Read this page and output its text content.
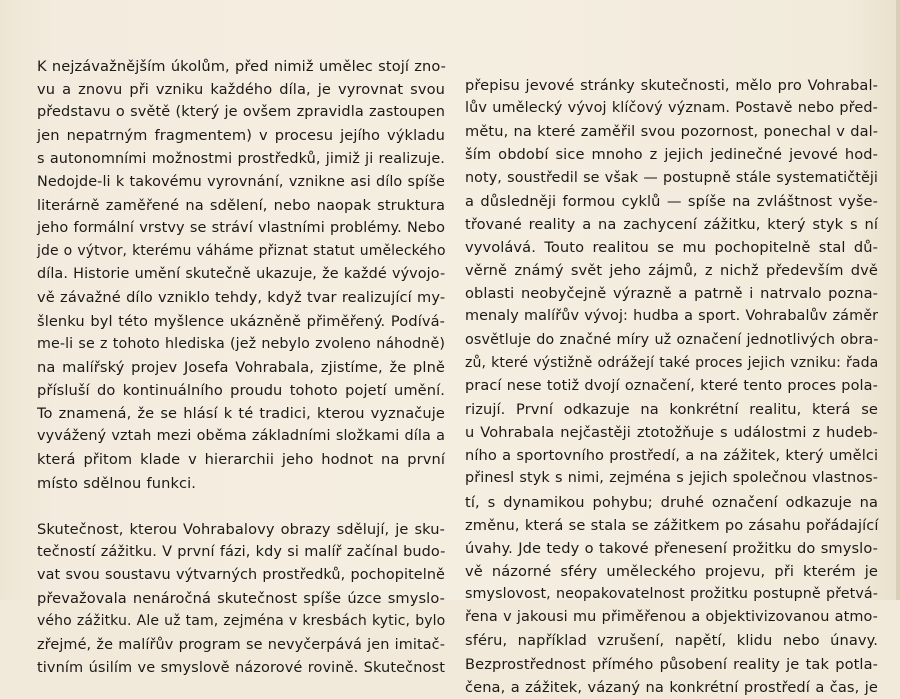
K nejzávažnějším úkolům, před nimiž umělec stojí zno-
vu a znovu při vzniku každého díla, je vyrovnat svou
představu o světě (který je ovšem zpravidla zastoupen
jen nepatrným fragmentem) v procesu jejího výkladu
s autonomními možnostmi prostředků, jimiž ji realizuje.
Nedojde-li k takovému vyrovnání, vznikne asi dílo spíše
literárně zaměřené na sdělení, nebo naopak struktura
jeho formální vrstvy se stráví vlastními problémy. Nebo
jde o výtvor, kterému váháme přiznat statut uměleckého
díla. Historie umění skutečně ukazuje, že každé vývojo-
vě závažné dílo vzniklo tehdy, když tvar realizující my-
šlenku byl této myšlence ukázněně přiměřený. Podívá-
me-li se z tohoto hlediska (jež nebylo zvoleno náhodně)
na malířský projev Josefa Vohrabala, zjistíme, že plně
přísluší do kontinuálního proudu tohoto pojetí umění.
To znamená, že se hlásí k té tradici, kterou vyznačuje
vyvážený vztah mezi oběma základními složkami díla a
která přitom klade v hierarchii jeho hodnot na první
místo sdělnou funkci.
Skutečnost, kterou Vohrabalovy obrazy sdělují, je sku-
tečností zážitku. V první fázi, kdy si malíř začínal budo-
vat svou soustavu výtvarných prostředků, pochopitelně
převažovala nenáročná skutečnost spíše úzce smyslo-
vého zážitku. Ale už tam, zejména v kresbách kytic, bylo
zřejmé, že malířův program se nevyčerpává jen imitač-
tivním úsilím ve smyslově názorové rovině. Skutečnost
přepisu jevové stránky skutečnosti, mělo pro Vohrabal-
lův umělecký vývoj klíčový význam. Postavě nebo před-
mětu, na které zaměřil svou pozornost, ponechal v dal-
ším období sice mnoho z jejich jedinečné jevové hod-
noty, soustředil se však — postupně stále systematičtěji
a důsledněji formou cyklů — spíše na zvláštnost vyše-
třované reality a na zachycení zážitku, který styk s ní
vyvolává. Touto realitou se mu pochopitelně stal dů-
věrně známý svět jeho zájmů, z nichž především dvě
oblasti neobyčejně výrazně a patrně i natrvalo pozna-
menaly malířův vývoj: hudba a sport. Vohrabalův záměr
osvětluje do značné míry už označení jednotlivých obra-
zů, které výstižně odrážejí také proces jejich vzniku: řada
prací nese totiž dvojí označení, které tento proces pola-
rizují. První odkazuje na konkrétní realitu, která se
u Vohrabala nejčastěji ztotožňuje s událostmi z hudeb-
ního a sportovního prostředí, a na zážitek, který umělci
přinesl styk s nimi, zejména s jejich společnou vlastnos-
tí, s dynamikou pohybu; druhé označení odkazuje na
změnu, která se stala se zážitkem po zásahu pořádající
úvahy. Jde tedy o takové přenesení prožitku do smyslo-
vě názorné sféry uměleckého projevu, při kterém je
smyslovost, neopakovatelnost prožitku postupně přetvá-
řena v jakousi mu přiměřenou a objektivizovanou atmo-
sféru, například vzrušení, napětí, klidu nebo únavy.
Bezprostřednost přímého působení reality je tak potla-
čena, a zážitek, vázaný na konkrétní prostředí a čas, je
